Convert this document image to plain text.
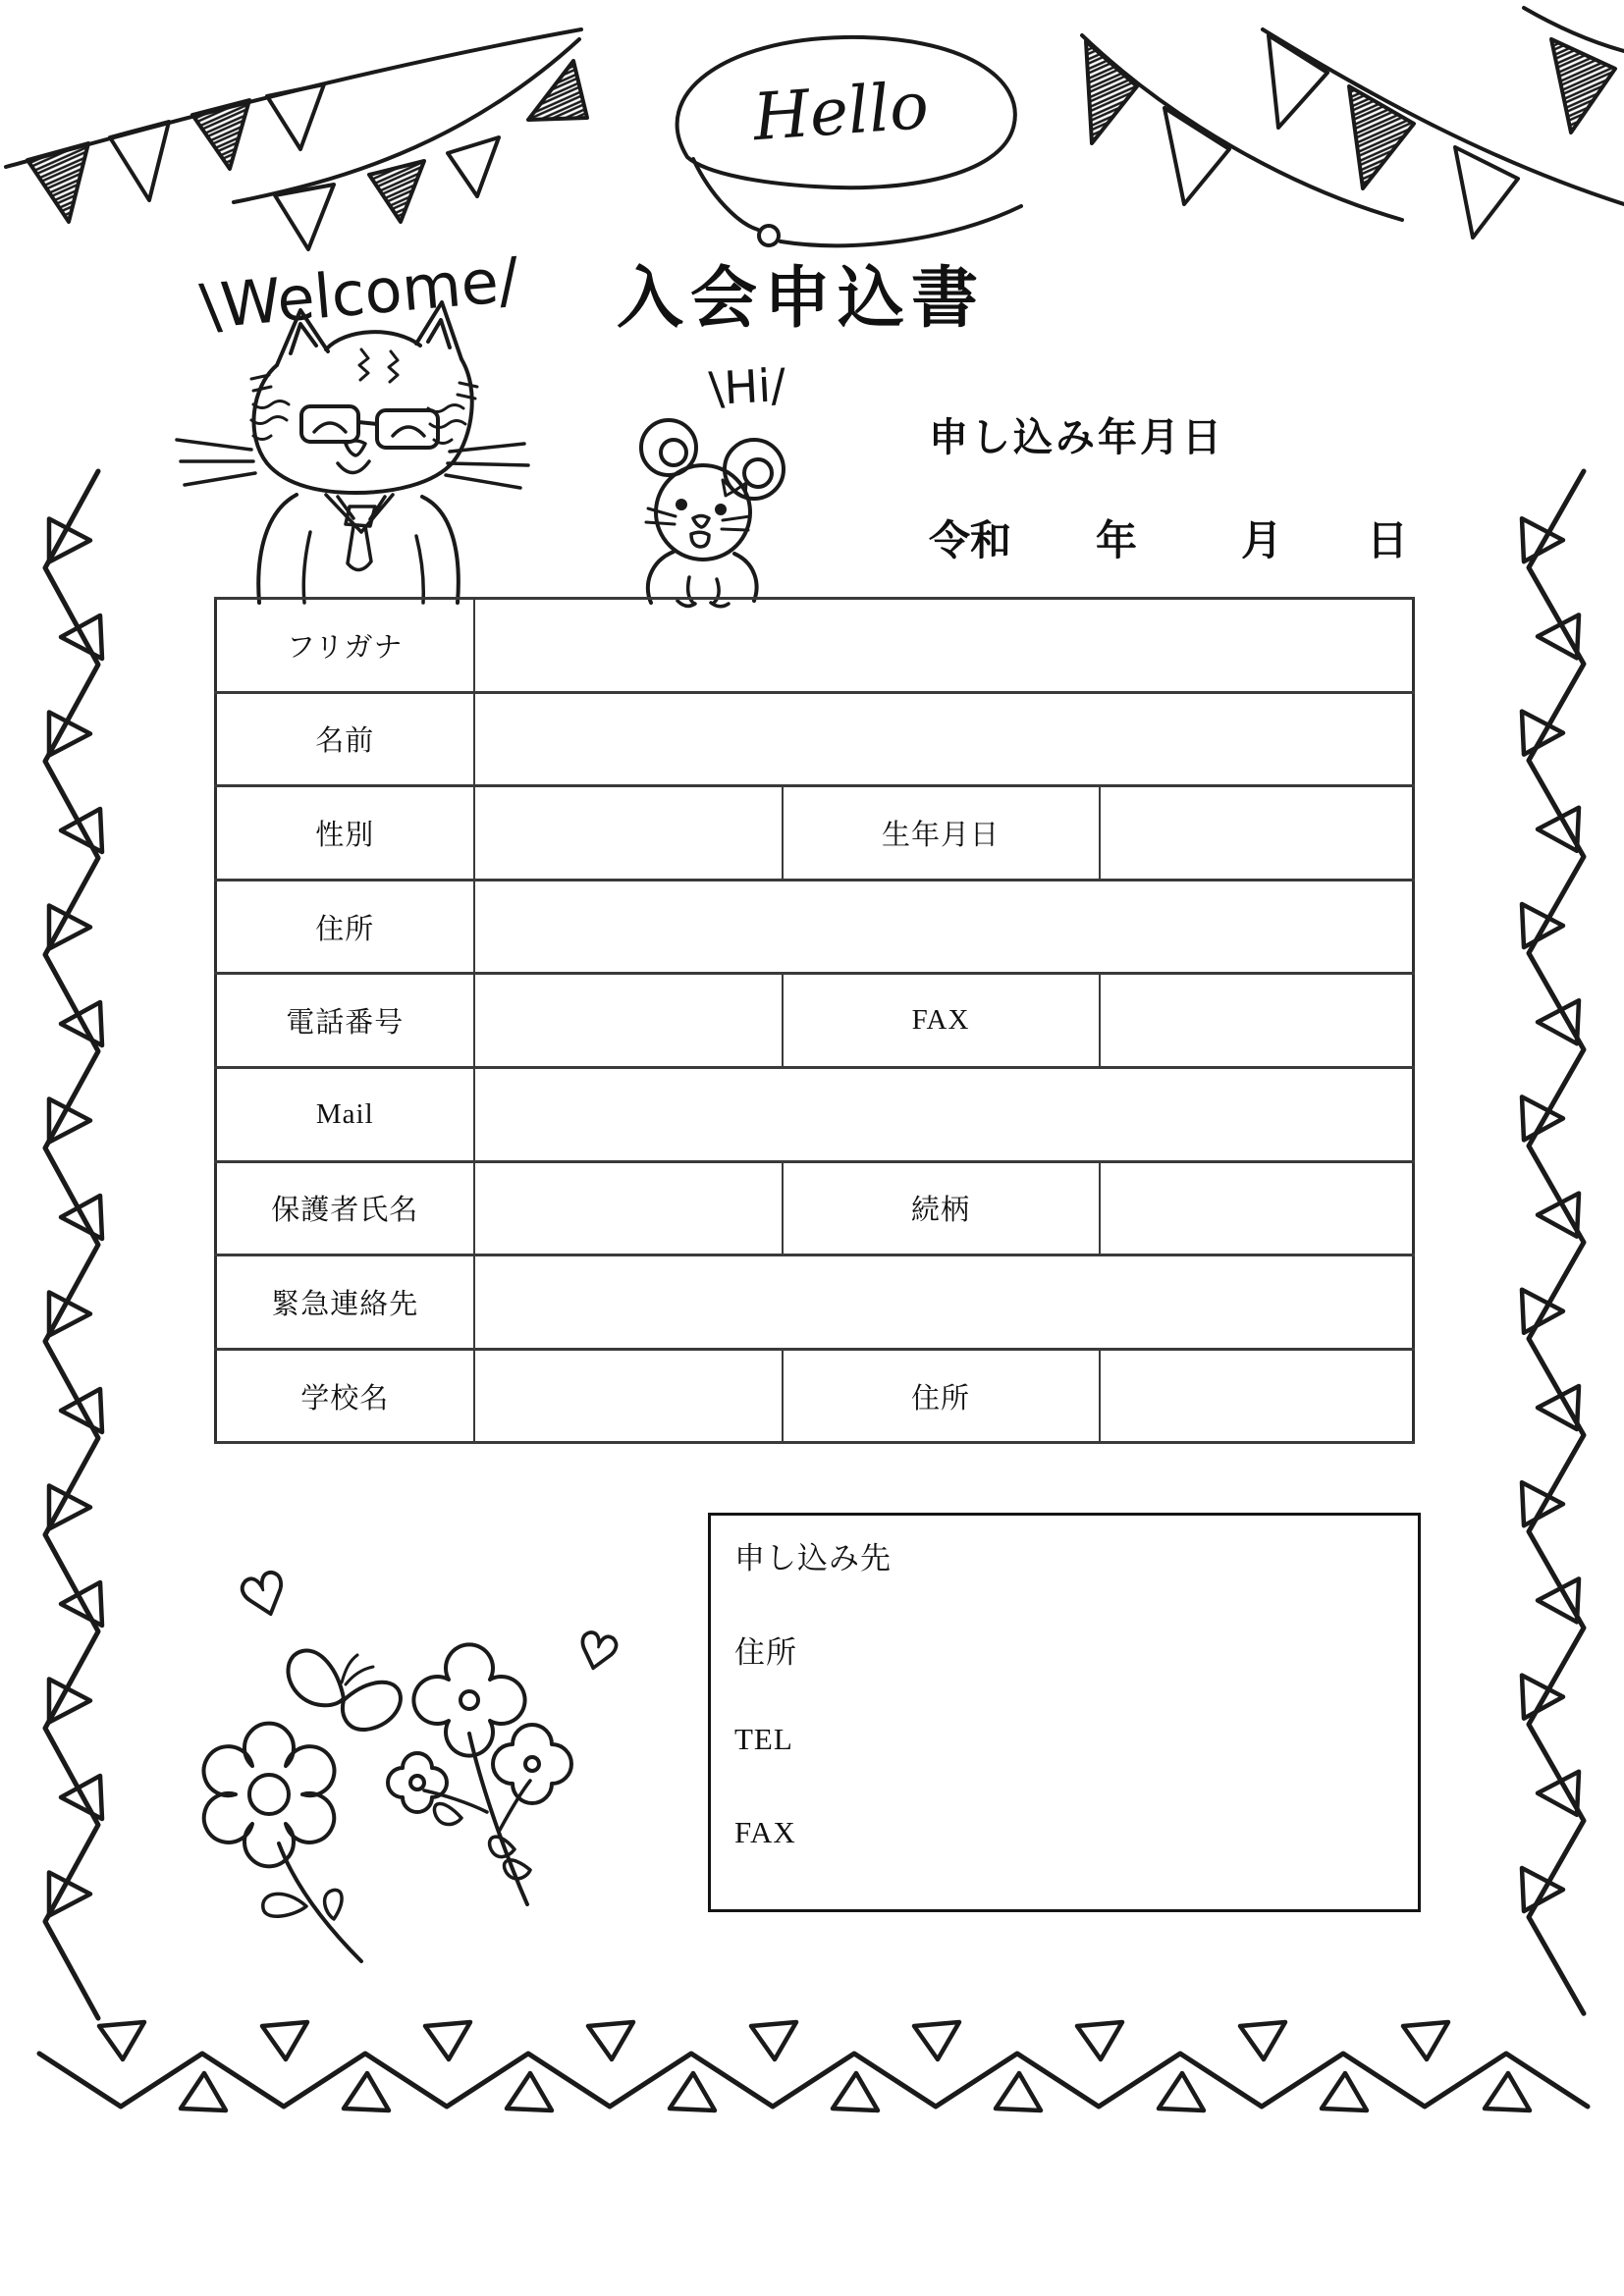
Hello
\Welcome/
\Hi/
♡
♡
入会申込書
申し込み年月日
令和 年	月 日
フリガナ			
名前			
性別		生年月日	
住所			
電話番号		FAX	
Mail			
保護者氏名		続柄	
緊急連絡先			
学校名		住所	
申し込み先
住所
TEL
FAX
